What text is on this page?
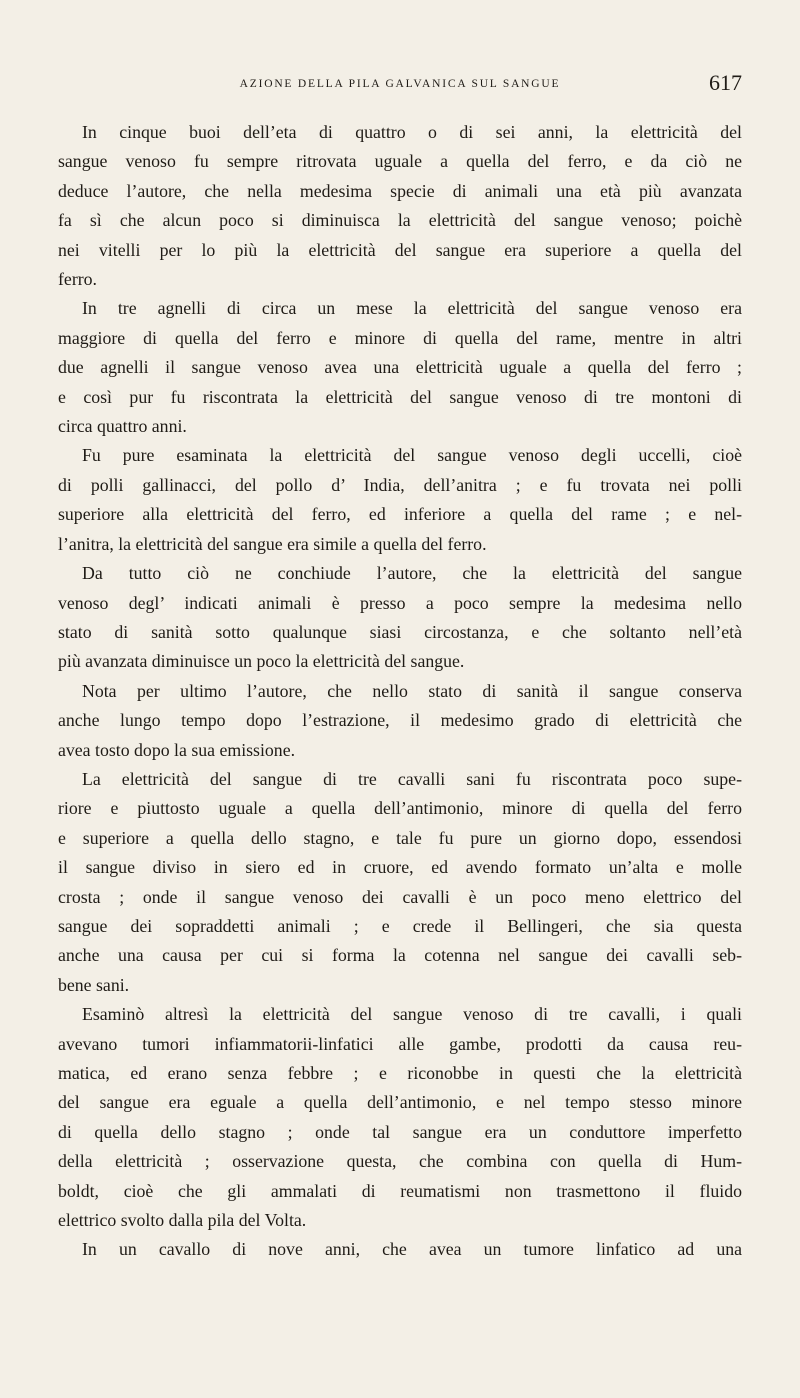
AZIONE DELLA PILA GALVANICA SUL SANGUE	617

In cinque buoi dell’eta di quattro o di sei anni, la elettricità del
sangue venoso fu sempre ritrovata uguale a quella del ferro, e da ciò ne
deduce l’autore, che nella medesima specie di animali una età più avanzata
fa sì che alcun poco si diminuisca la elettricità del sangue venoso; poichè
nei vitelli per lo più la elettricità del sangue era superiore a quella del
ferro.

In tre agnelli di circa un mese la elettricità del sangue venoso era
maggiore di quella del ferro e minore di quella del rame, mentre in altri
due agnelli il sangue venoso avea una elettricità uguale a quella del ferro ;
e così pur fu riscontrata la elettricità del sangue venoso di tre montoni di
circa quattro anni.

Fu pure esaminata la elettricità del sangue venoso degli uccelli, cioè
di polli gallinacci, del pollo d’ India, dell’anitra ; e fu trovata nei polli
superiore alla elettricità del ferro, ed inferiore a quella del rame ; e nel-
l’anitra, la elettricità del sangue era simile a quella del ferro.

Da tutto ciò ne conchiude l’autore, che la elettricità del sangue
venoso degl’ indicati animali è presso a poco sempre la medesima nello
stato di sanità sotto qualunque siasi circostanza, e che soltanto nell’età
più avanzata diminuisce un poco la elettricità del sangue.

Nota per ultimo l’autore, che nello stato di sanità il sangue conserva
anche lungo tempo dopo l’estrazione, il medesimo grado di elettricità che
avea tosto dopo la sua emissione.

La elettricità del sangue di tre cavalli sani fu riscontrata poco supe-
riore e piuttosto uguale a quella dell’antimonio, minore di quella del ferro
e superiore a quella dello stagno, e tale fu pure un giorno dopo, essendosi
il sangue diviso in siero ed in cruore, ed avendo formato un’alta e molle
crosta ; onde il sangue venoso dei cavalli è un poco meno elettrico del
sangue dei sopraddetti animali ; e crede il Bellingeri, che sia questa
anche una causa per cui si forma la cotenna nel sangue dei cavalli seb-
bene sani.

Esaminò altresì la elettricità del sangue venoso di tre cavalli, i quali
avevano tumori infiammatorii-linfatici alle gambe, prodotti da causa reu-
matica, ed erano senza febbre ; e riconobbe in questi che la elettricità
del sangue era eguale a quella dell’antimonio, e nel tempo stesso minore
di quella dello stagno ; onde tal sangue era un conduttore imperfetto
della elettricità ; osservazione questa, che combina con quella di Hum-
boldt, cioè che gli ammalati di reumatismi non trasmettono il fluido
elettrico svolto dalla pila del Volta.

In un cavallo di nove anni, che avea un tumore linfatico ad una
